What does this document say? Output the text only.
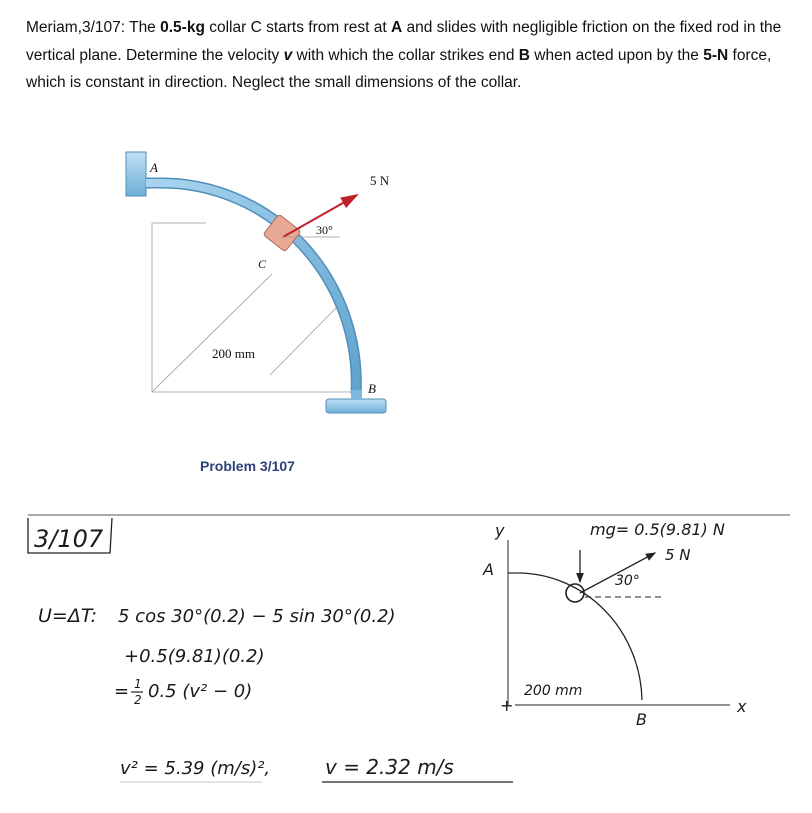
Meriam,3/107: The 0.5-kg collar C starts from rest at A and slides with negligible friction on the fixed rod in the vertical plane. Determine the velocity v with which the collar strikes end B when acted upon by the 5-N force, which is constant in direction. Neglect the small dimensions of the collar.
A
5 N
30°
C
200 mm
B
Problem 3/107
3/107
U=ΔT: 5 cos 30°(0.2) − 5 sin 30°(0.2)
+0.5(9.81)(0.2)
= 1
2 0.5 (v² − 0)
v² = 5.39 (m/s)²,	v = 2.32 m/s
y
x
A
+
mg= 0.5(9.81) N
5 N
30°
200 mm
B
